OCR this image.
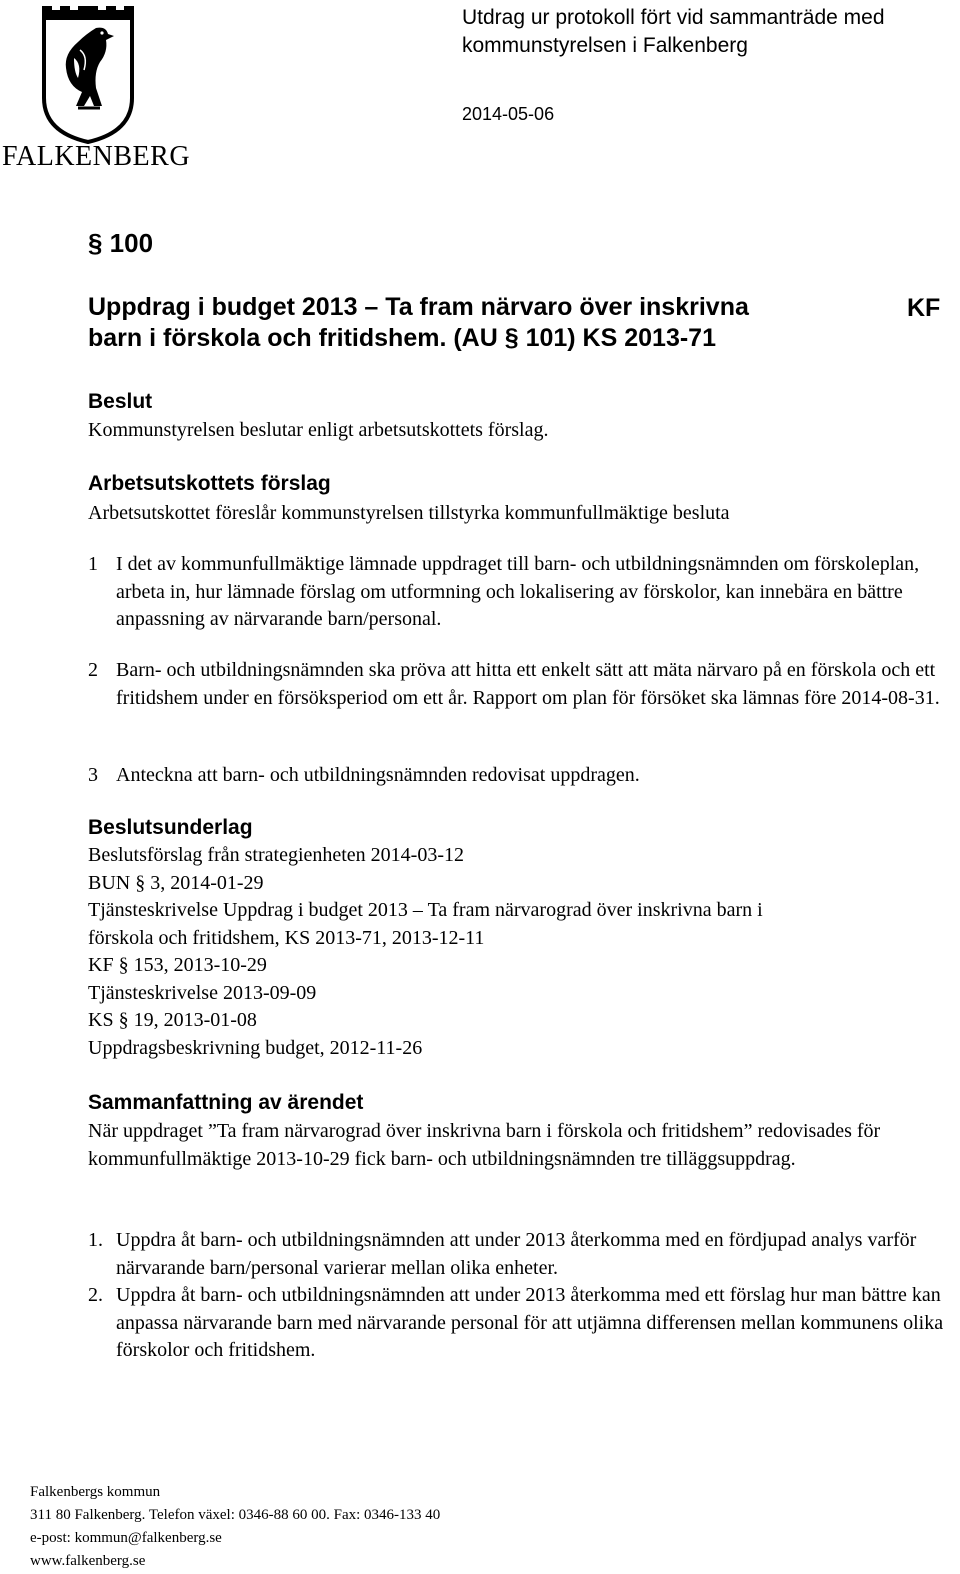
FALKENBERG
Utdrag ur protokoll fört vid sammanträde med
kommunstyrelsen i Falkenberg
2014-05-06
§ 100
Uppdrag i budget 2013 – Ta fram närvaro över inskrivna
barn i förskola och fritidshem. (AU § 101) KS 2013-71
KF
Beslut
Kommunstyrelsen beslutar enligt arbetsutskottets förslag.
Arbetsutskottets förslag
Arbetsutskottet föreslår kommunstyrelsen tillstyrka kommunfullmäktige besluta
1 I det av kommunfullmäktige lämnade uppdraget till barn- och utbildningsnämnden om förskoleplan, arbeta in, hur lämnade förslag om utformning och lokalisering av förskolor, kan innebära en bättre anpassning av närvarande barn/personal.
2 Barn- och utbildningsnämnden ska pröva att hitta ett enkelt sätt att mäta närvaro på en förskola och ett fritidshem under en försöksperiod om ett år. Rapport om plan för försöket ska lämnas före 2014-08-31.
3 Anteckna att barn- och utbildningsnämnden redovisat uppdragen.
Beslutsunderlag
Beslutsförslag från strategienheten 2014-03-12
BUN § 3, 2014-01-29
Tjänsteskrivelse Uppdrag i budget 2013 – Ta fram närvarograd över inskrivna barn i
förskola och fritidshem, KS 2013-71, 2013-12-11
KF § 153, 2013-10-29
Tjänsteskrivelse 2013-09-09
KS § 19, 2013-01-08
Uppdragsbeskrivning budget, 2012-11-26
Sammanfattning av ärendet
När uppdraget ”Ta fram närvarograd över inskrivna barn i förskola och fritidshem” redovisades för kommunfullmäktige 2013-10-29 fick barn- och utbildningsnämnden tre tilläggsuppdrag.
1. Uppdra åt barn- och utbildningsnämnden att under 2013 återkomma med en fördjupad analys varför närvarande barn/personal varierar mellan olika enheter.
2. Uppdra åt barn- och utbildningsnämnden att under 2013 återkomma med ett förslag hur man bättre kan anpassa närvarande barn med närvarande personal för att utjämna differensen mellan kommunens olika förskolor och fritidshem.
Falkenbergs kommun
311 80 Falkenberg. Telefon växel: 0346-88 60 00. Fax: 0346-133 40
e-post: kommun@falkenberg.se
www.falkenberg.se
